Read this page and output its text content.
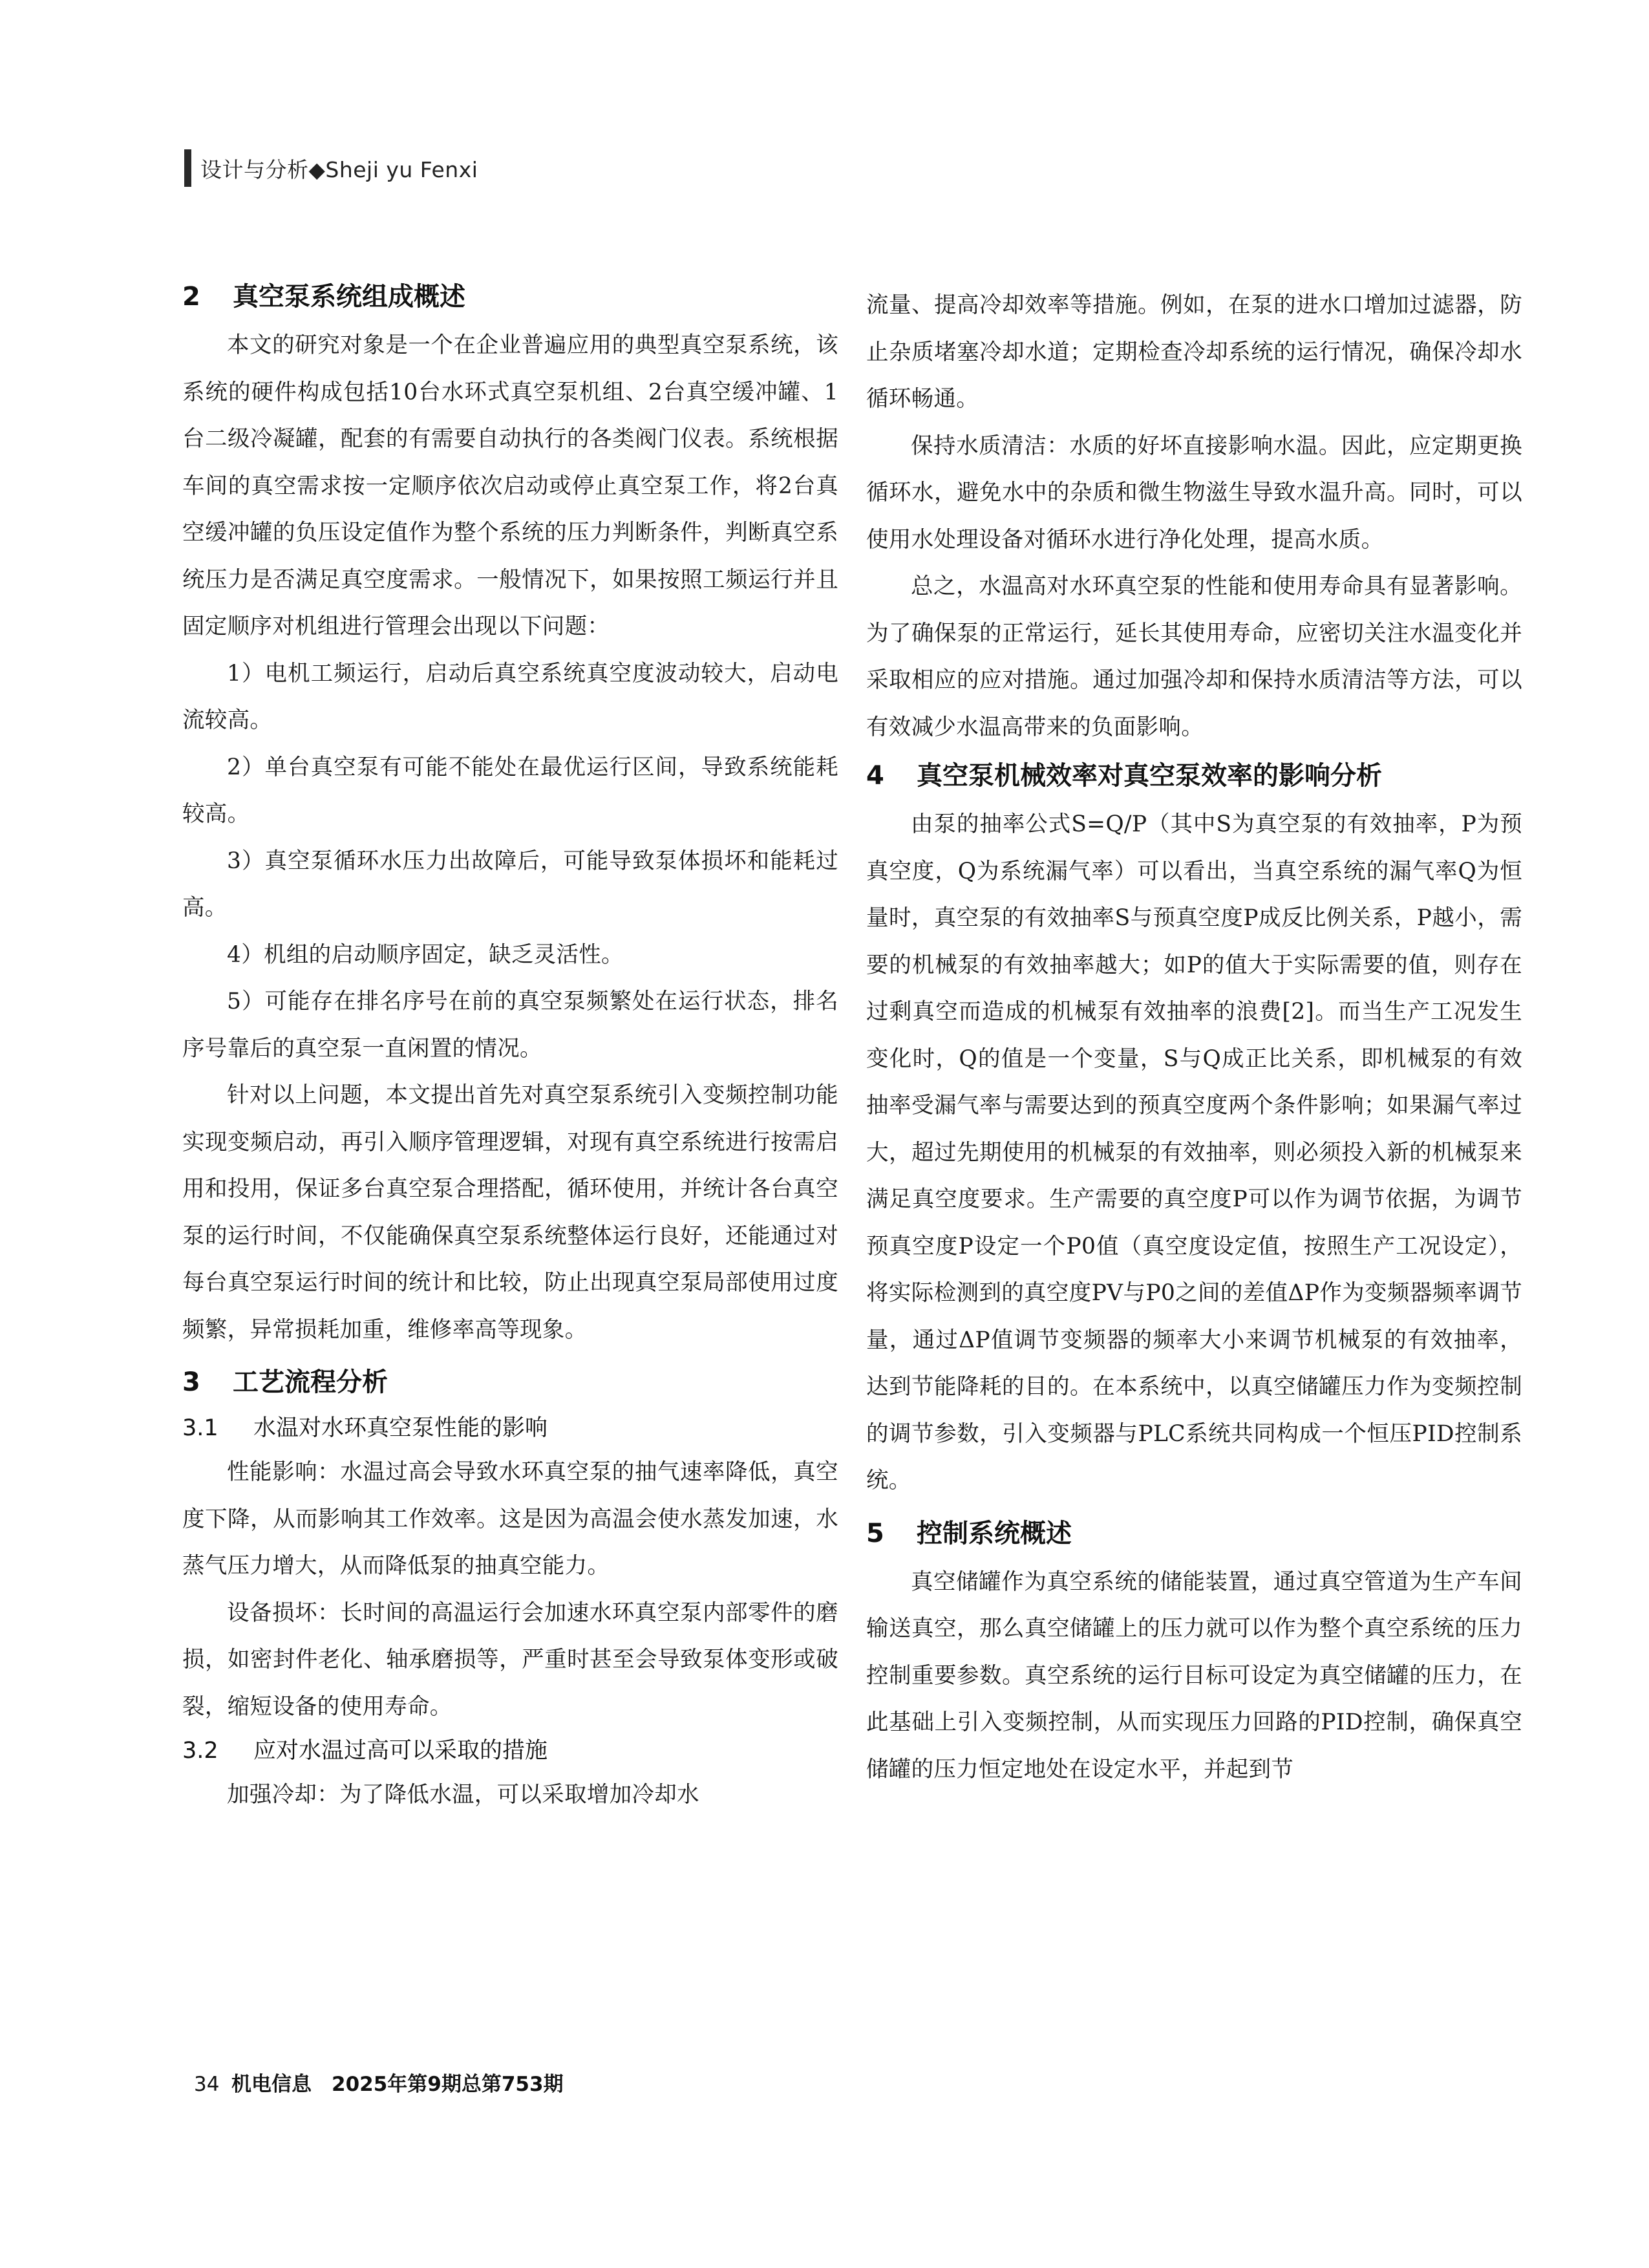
设计与分析◆Sheji yu Fenxi
2 真空泵系统组成概述

本文的研究对象是一个在企业普遍应用的典型真空泵系统，该系统的硬件构成包括10台水环式真空泵机组、2台真空缓冲罐、1台二级冷凝罐，配套的有需要自动执行的各类阀门仪表。系统根据车间的真空需求按一定顺序依次启动或停止真空泵工作，将2台真空缓冲罐的负压设定值作为整个系统的压力判断条件，判断真空系统压力是否满足真空度需求。一般情况下，如果按照工频运行并且固定顺序对机组进行管理会出现以下问题：

1）电机工频运行，启动后真空系统真空度波动较大，启动电流较高。

2）单台真空泵有可能不能处在最优运行区间，导致系统能耗较高。

3）真空泵循环水压力出故障后，可能导致泵体损坏和能耗过高。

4）机组的启动顺序固定，缺乏灵活性。

5）可能存在排名序号在前的真空泵频繁处在运行状态，排名序号靠后的真空泵一直闲置的情况。

针对以上问题，本文提出首先对真空泵系统引入变频控制功能实现变频启动，再引入顺序管理逻辑，对现有真空系统进行按需启用和投用，保证多台真空泵合理搭配，循环使用，并统计各台真空泵的运行时间，不仅能确保真空泵系统整体运行良好，还能通过对每台真空泵运行时间的统计和比较，防止出现真空泵局部使用过度频繁，异常损耗加重，维修率高等现象。

3 工艺流程分析
3.1 水温对水环真空泵性能的影响

性能影响：水温过高会导致水环真空泵的抽气速率降低，真空度下降，从而影响其工作效率。这是因为高温会使水蒸发加速，水蒸气压力增大，从而降低泵的抽真空能力。

设备损坏：长时间的高温运行会加速水环真空泵内部零件的磨损，如密封件老化、轴承磨损等，严重时甚至会导致泵体变形或破裂，缩短设备的使用寿命。

3.2 应对水温过高可以采取的措施

加强冷却：为了降低水温，可以采取增加冷却水

流量、提高冷却效率等措施。例如，在泵的进水口增加过滤器，防止杂质堵塞冷却水道；定期检查冷却系统的运行情况，确保冷却水循环畅通。

保持水质清洁：水质的好坏直接影响水温。因此，应定期更换循环水，避免水中的杂质和微生物滋生导致水温升高。同时，可以使用水处理设备对循环水进行净化处理，提高水质。

总之，水温高对水环真空泵的性能和使用寿命具有显著影响。为了确保泵的正常运行，延长其使用寿命，应密切关注水温变化并采取相应的应对措施。通过加强冷却和保持水质清洁等方法，可以有效减少水温高带来的负面影响。

4 真空泵机械效率对真空泵效率的影响分析

由泵的抽率公式S=Q/P（其中S为真空泵的有效抽率，P为预真空度，Q为系统漏气率）可以看出，当真空系统的漏气率Q为恒量时，真空泵的有效抽率S与预真空度P成反比例关系，P越小，需要的机械泵的有效抽率越大；如P的值大于实际需要的值，则存在过剩真空而造成的机械泵有效抽率的浪费[2]。而当生产工况发生变化时，Q的值是一个变量，S与Q成正比关系，即机械泵的有效抽率受漏气率与需要达到的预真空度两个条件影响；如果漏气率过大，超过先期使用的机械泵的有效抽率，则必须投入新的机械泵来满足真空度要求。生产需要的真空度P可以作为调节依据，为调节预真空度P设定一个P0值（真空度设定值，按照生产工况设定），将实际检测到的真空度PV与P0之间的差值ΔP作为变频器频率调节量，通过ΔP值调节变频器的频率大小来调节机械泵的有效抽率，达到节能降耗的目的。在本系统中，以真空储罐压力作为变频控制的调节参数，引入变频器与PLC系统共同构成一个恒压PID控制系统。

5 控制系统概述

真空储罐作为真空系统的储能装置，通过真空管道为生产车间输送真空，那么真空储罐上的压力就可以作为整个真空系统的压力控制重要参数。真空系统的运行目标可设定为真空储罐的压力，在此基础上引入变频控制，从而实现压力回路的PID控制，确保真空储罐的压力恒定地处在设定水平，并起到节

34 机电信息　2025年第9期总第753期
